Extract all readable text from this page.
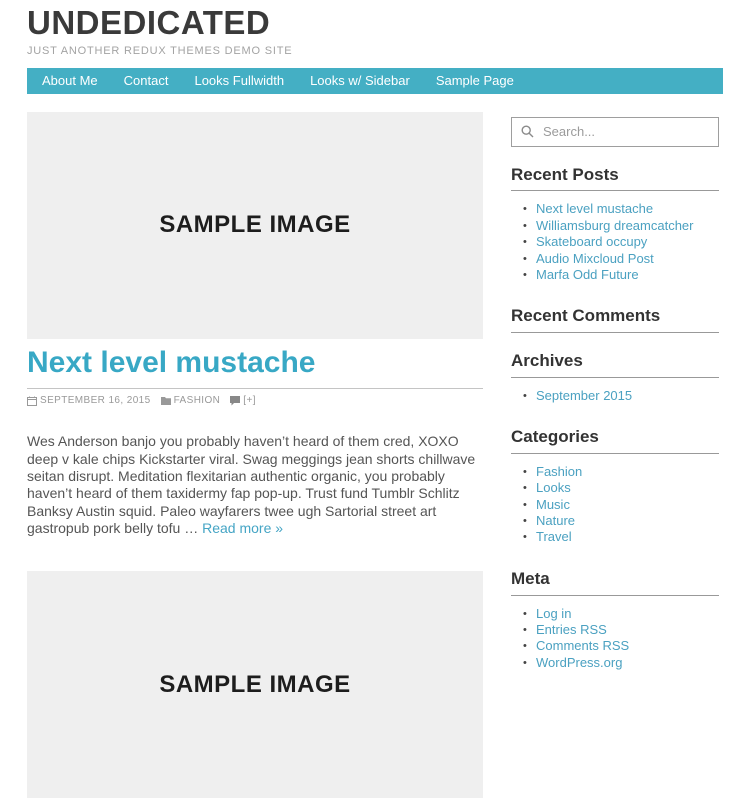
UNDEDICATED
JUST ANOTHER REDUX THEMES DEMO SITE
About Me	Contact	Looks Fullwidth	Looks w/ Sidebar	Sample Page
SAMPLE IMAGE
Next level mustache
SEPTEMBER 16, 2015 FASHION [+]

Wes Anderson banjo you probably haven’t heard of them cred, XOXO deep v kale chips Kickstarter viral. Swag meggings jean shorts chillwave seitan disrupt. Meditation flexitarian authentic organic, you probably haven’t heard of them taxidermy fap pop-up. Trust fund Tumblr Schlitz Banksy Austin squid. Paleo wayfarers twee ugh Sartorial street art gastropub pork belly tofu … Read more »

SAMPLE IMAGE
Search...
Recent Posts
• Next level mustache
• Williamsburg dreamcatcher
• Skateboard occupy
• Audio Mixcloud Post
• Marfa Odd Future
Recent Comments
Archives
• September 2015
Categories
• Fashion
• Looks
• Music
• Nature
• Travel
Meta
• Log in
• Entries RSS
• Comments RSS
• WordPress.org
